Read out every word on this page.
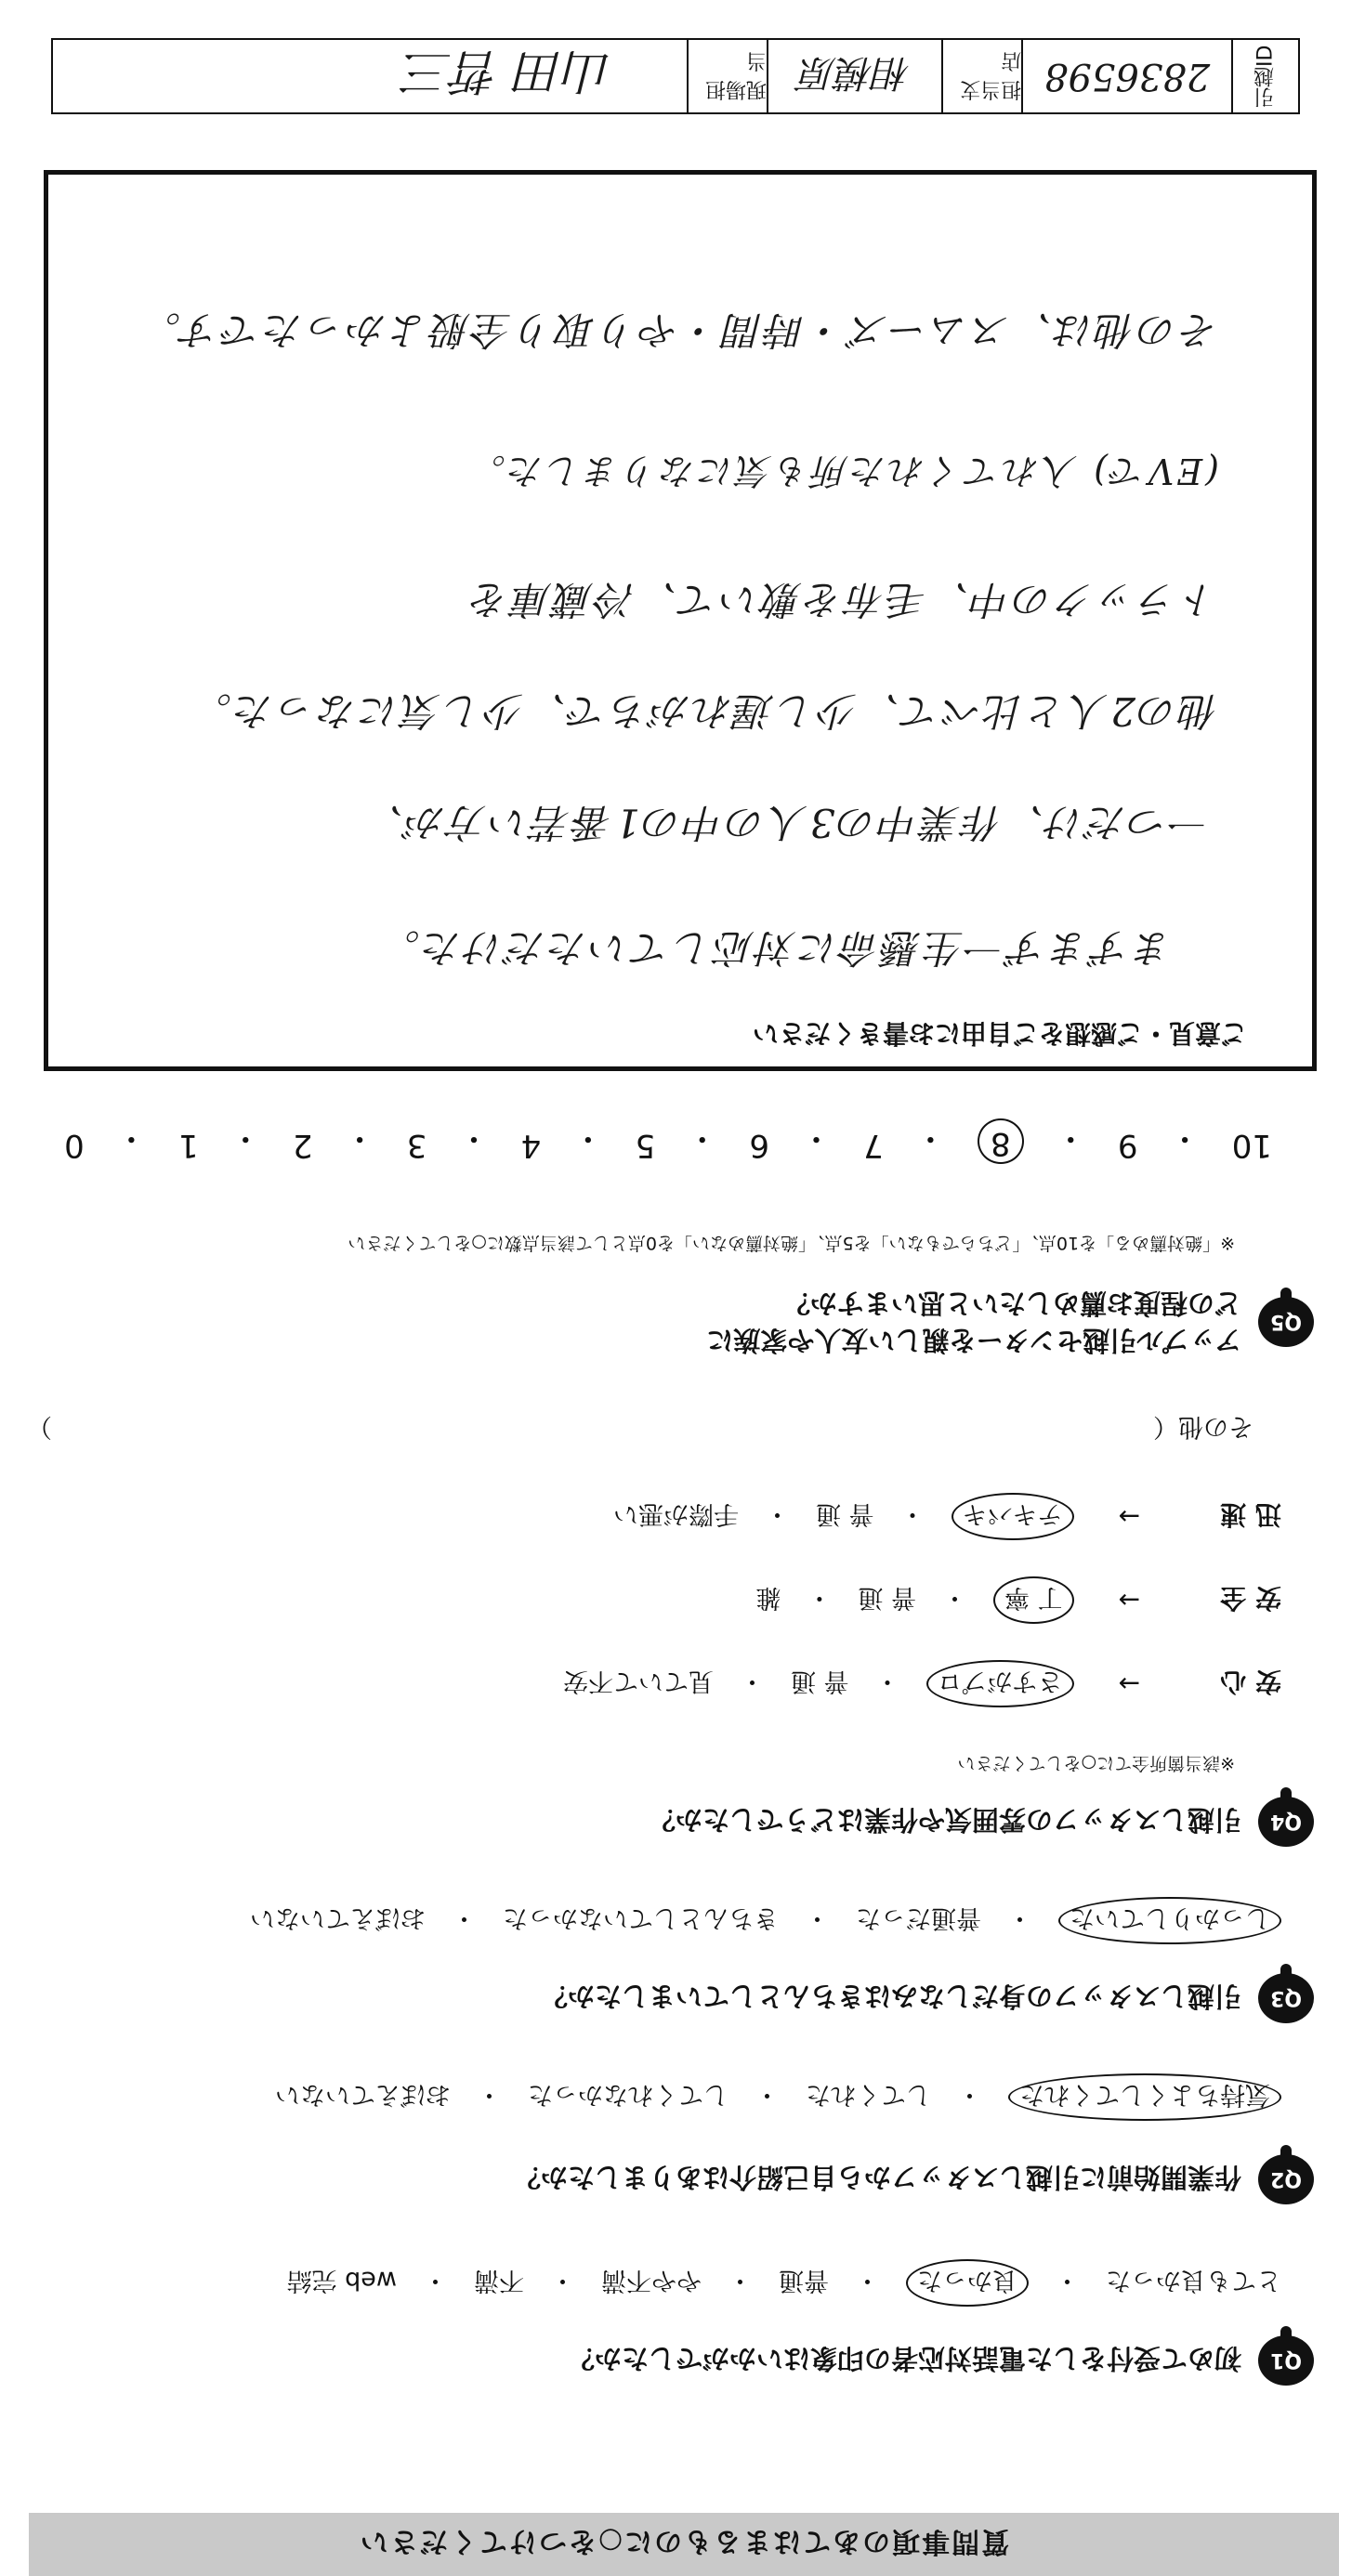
引越ID
2836598
担当支店
相模原
現場担当
山田 哲三
ご意見・ご感想をご自由にお書きください
まずまず一生懸命に対応していただけた。
一つだけ、作業中の3人の中の1番若い方が、
他の2人と比べて、少し遅れがちで、少し気になった。
トラックの中、毛布を敷いて、冷蔵庫を
(EVで) 入れてくれた所も気になりました。
その他は、スムーズ・時間・やり取り全般よかったです。
10
・
9
・
8
・
7
・
6
・
5
・
4
・
3
・
2
・
1
・
0
Q5
アップル引越センターを親しい友人や家族に
どの程度お薦めしたいと思いますか？
※「絶対薦める」を10点、「どちらでもない」を5点、「絶対薦めない」を0点として該当点数に○をしてください
その他（
）
迅 速
→
テキパキ
・
普 通
・
手際が悪い
安 全
→
丁 寧
・
普 通
・
雑
安 心
→
さすがプロ
・
普 通
・
見ていて不安
※該当箇所全てに○をしてください
Q4
引越しスタッフの雰囲気や作業はどうでしたか？
しっかりしていた
・
普通だった
・
きちんとしていなかった
・
おぼえていない
Q3
引越しスタッフの身だしなみはきちんとしていましたか？
気持ちよくしてくれた
・
してくれた
・
してくれなかった
・
おぼえていない
Q2
作業開始前に引越しスタッフから自己紹介はありましたか？
とても良かった
・
良かった
・
普通
・
やや不満
・
不満
・
web 完結
Q1
初めて受付をした電話対応者の印象はいかがでしたか？
質問事項のあてはまるものに○をつけてください
